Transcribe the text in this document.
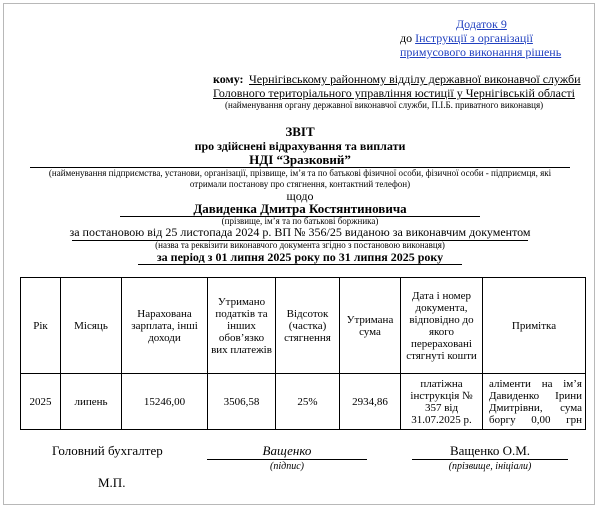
Додаток 9
до Інструкції з організації
примусового виконання рішень
кому: Чернігівському районному відділу державної виконавчої служби
Головного територіального управління юстиції у Чернігівській області
(найменування органу державної виконавчої служби, П.І.Б. приватного виконавця)
ЗВІТ
про здійснені відрахування та виплати
НДІ “Зразковий”
(найменування підприємства, установи, організації, прізвище, ім’я та по батькові фізичної особи, фізичної особи - підприємця, які
отримали постанову про стягнення, контактний телефон)
щодо
Давиденка Дмитра Костянтиновича
(прізвище, ім’я та по батькові боржника)
за постановою від 25 листопада 2024 р. ВП № 356/25 виданою за виконавчим документом
(назва та реквізити виконавчого документа згідно з постановою виконавця)
за період з 01 липня 2025 року по 31 липня 2025 року
Рік	Місяць	Нарахована зарплата, інші доходи	Утримано податків та інших обов’язко вих платежів	Відсоток (частка) стягнення	Утримана сума	Дата і номер документа, відповідно до якого перераховані стягнуті кошти	Примітка
2025	липень	15246,00	3506,58	25%	2934,86	платіжна інструкція № 357 від 31.07.2025 р.	аліменти на ім’я Давиденко Ірини Дмитрівни, сума боргу 0,00 грн
Головний бухгалтер	Ващенко
(підпис)
Ващенко О.М.
(прізвище, ініціали)
М.П.
